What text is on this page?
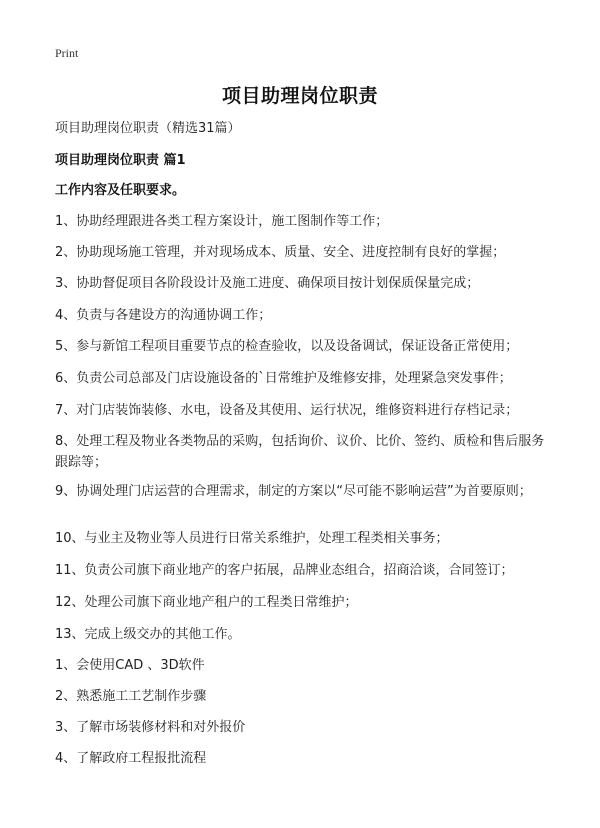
Print
项目助理岗位职责
项目助理岗位职责（精选31篇）
项目助理岗位职责 篇1
工作内容及任职要求。
1、协助经理跟进各类工程方案设计，施工图制作等工作；
2、协助现场施工管理，并对现场成本、质量、安全、进度控制有良好的掌握；
3、协助督促项目各阶段设计及施工进度、确保项目按计划保质保量完成；
4、负责与各建设方的沟通协调工作；
5、参与新馆工程项目重要节点的检查验收，以及设备调试，保证设备正常使用；
6、负责公司总部及门店设施设备的`日常维护及维修安排，处理紧急突发事件；
7、对门店装饰装修、水电，设备及其使用、运行状况，维修资料进行存档记录；
8、处理工程及物业各类物品的采购，包括询价、议价、比价、签约、质检和售后服务跟踪等；
9、协调处理门店运营的合理需求，制定的方案以“尽可能不影响运营”为首要原则；
10、与业主及物业等人员进行日常关系维护，处理工程类相关事务；
11、负责公司旗下商业地产的客户拓展，品牌业态组合，招商洽谈，合同签订；
12、处理公司旗下商业地产租户的工程类日常维护；
13、完成上级交办的其他工作。
1、会使用CAD 、3D软件
2、熟悉施工工艺制作步骤
3、了解市场装修材料和对外报价
4、了解政府工程报批流程
